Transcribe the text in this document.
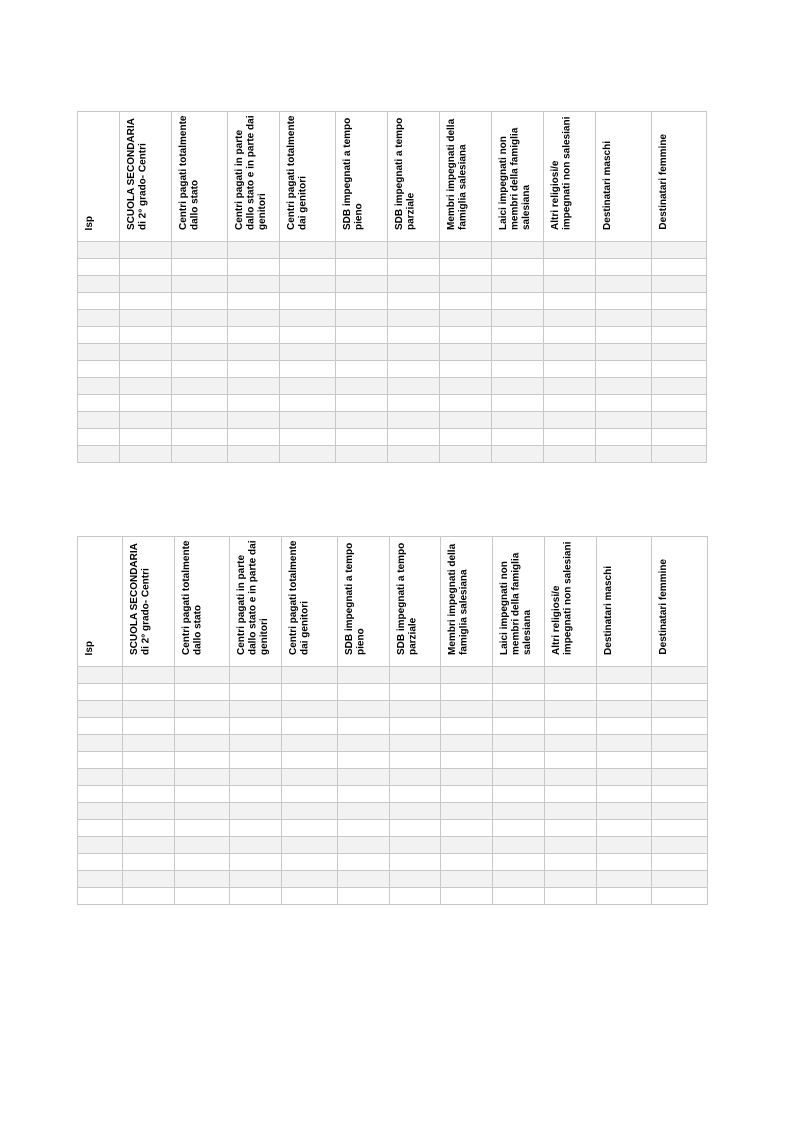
Isp	SCUOLA SECONDARIA di 2° grado- Centri	Centri pagati totalmente dallo stato	Centri pagati in parte dallo stato e in parte dai genitori	Centri pagati totalmente dai genitori	SDB impegnati a tempo pieno	SDB impegnati a tempo parziale	Membri impegnati della famiglia salesiana	Laici impegnati non membri della famiglia salesiana	Altri religiosi/e impegnati non salesiani	Destinatari maschi	Destinatari femmine

Isp	SCUOLA SECONDARIA di 2° grado- Centri	Centri pagati totalmente dallo stato	Centri pagati in parte dallo stato e in parte dai genitori	Centri pagati totalmente dai genitori	SDB impegnati a tempo pieno	SDB impegnati a tempo parziale	Membri impegnati della famiglia salesiana	Laici impegnati non membri della famiglia salesiana	Altri religiosi/e impegnati non salesiani	Destinatari maschi	Destinatari femmine
